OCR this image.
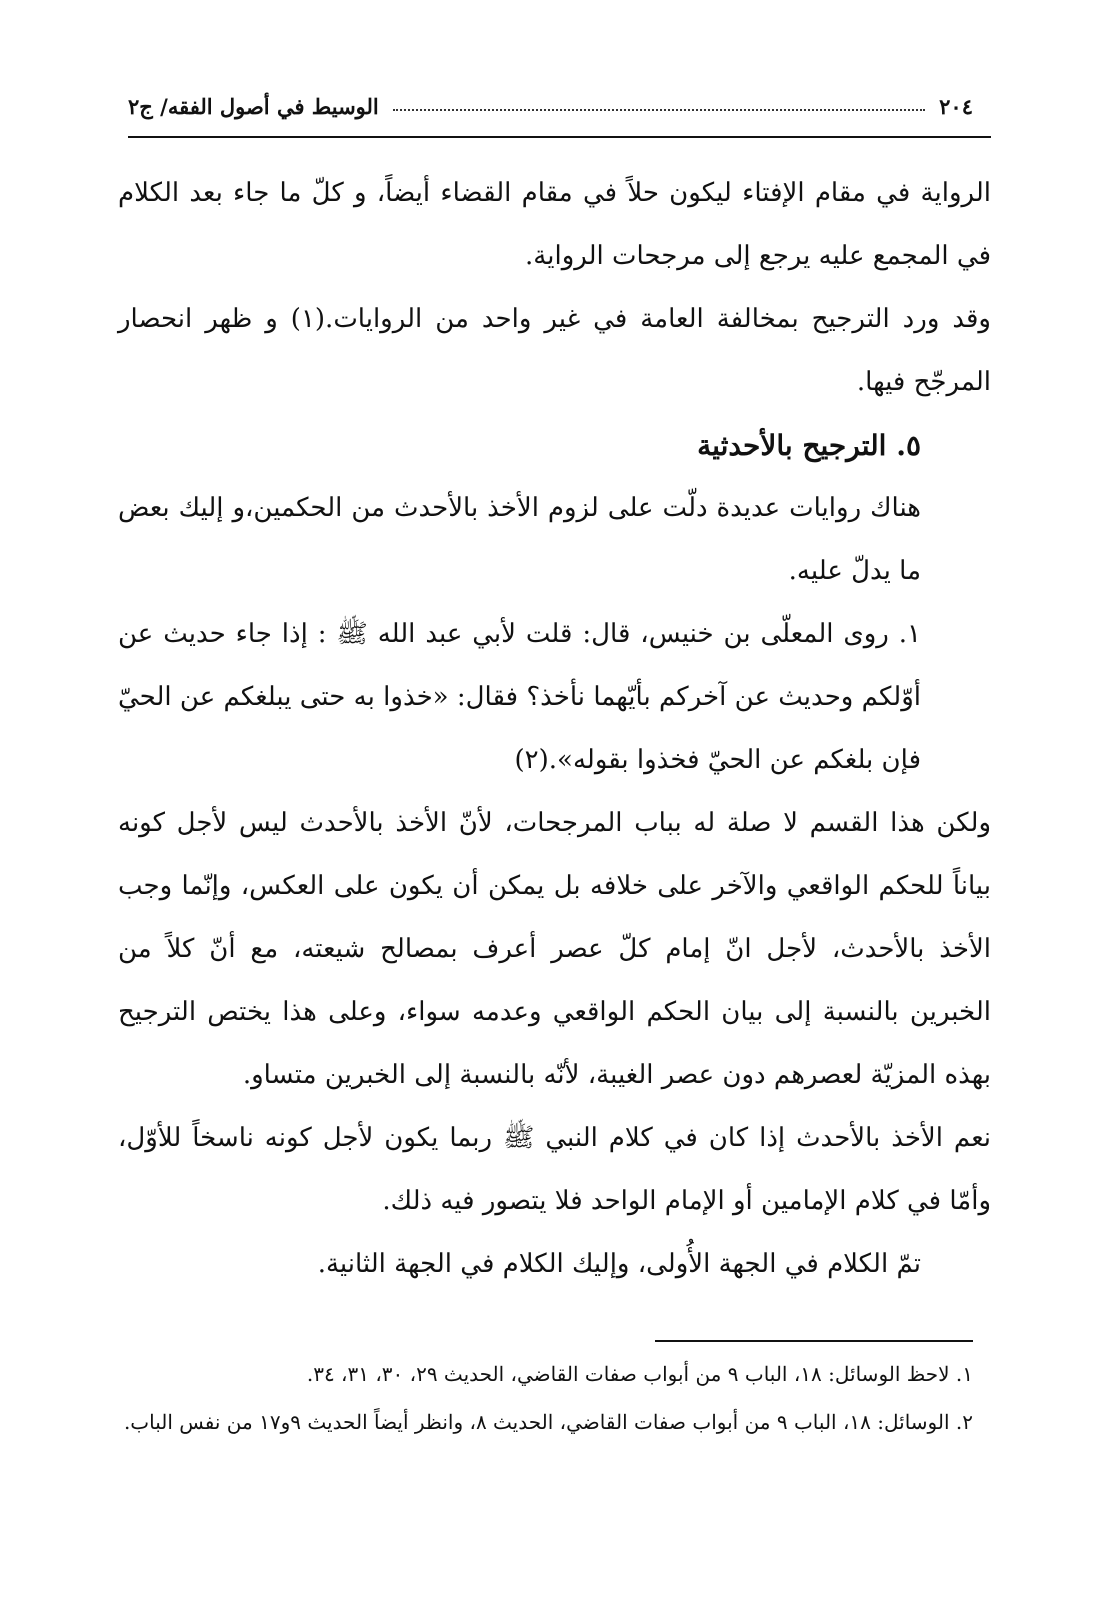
الوسيط في أصول الفقه/ ج٢	٢٠٤

الرواية في مقام الإفتاء ليكون حلاً في مقام القضاء أيضاً، و كلّ ما جاء بعد الكلام في المجمع عليه يرجع إلى مرجحات الرواية.

وقد ورد الترجيح بمخالفة العامة في غير واحد من الروايات.(١) و ظهر انحصار المرجّح فيها.

٥. الترجيح بالأحدثية

هناك روايات عديدة دلّت على لزوم الأخذ بالأحدث من الحكمين،و إليك بعض ما يدلّ عليه.

١. روى المعلّى بن خنيس، قال: قلت لأبي عبد الله ﷺ : إذا جاء حديث عن أوّلكم وحديث عن آخركم بأيّهما نأخذ؟ فقال: «خذوا به حتى يبلغكم عن الحيّ فإن بلغكم عن الحيّ فخذوا بقوله».(٢)

ولكن هذا القسم لا صلة له بباب المرجحات، لأنّ الأخذ بالأحدث ليس لأجل كونه بياناً للحكم الواقعي والآخر على خلافه بل يمكن أن يكون على العكس، وإنّما وجب الأخذ بالأحدث، لأجل انّ إمام كلّ عصر أعرف بمصالح شيعته، مع أنّ كلاً من الخبرين بالنسبة إلى بيان الحكم الواقعي وعدمه سواء، وعلى هذا يختص الترجيح بهذه المزيّة لعصرهم دون عصر الغيبة، لأنّه بالنسبة إلى الخبرين متساو.

نعم الأخذ بالأحدث إذا كان في كلام النبي ﷺ ربما يكون لأجل كونه ناسخاً للأوّل، وأمّا في كلام الإمامين أو الإمام الواحد فلا يتصور فيه ذلك.

تمّ الكلام في الجهة الأُولى، وإليك الكلام في الجهة الثانية.

١. لاحظ الوسائل: ١٨، الباب ٩ من أبواب صفات القاضي، الحديث ٢٩، ٣٠، ٣١، ٣٤.

٢. الوسائل: ١٨، الباب ٩ من أبواب صفات القاضي، الحديث ٨، وانظر أيضاً الحديث ٩و١٧ من نفس الباب.
